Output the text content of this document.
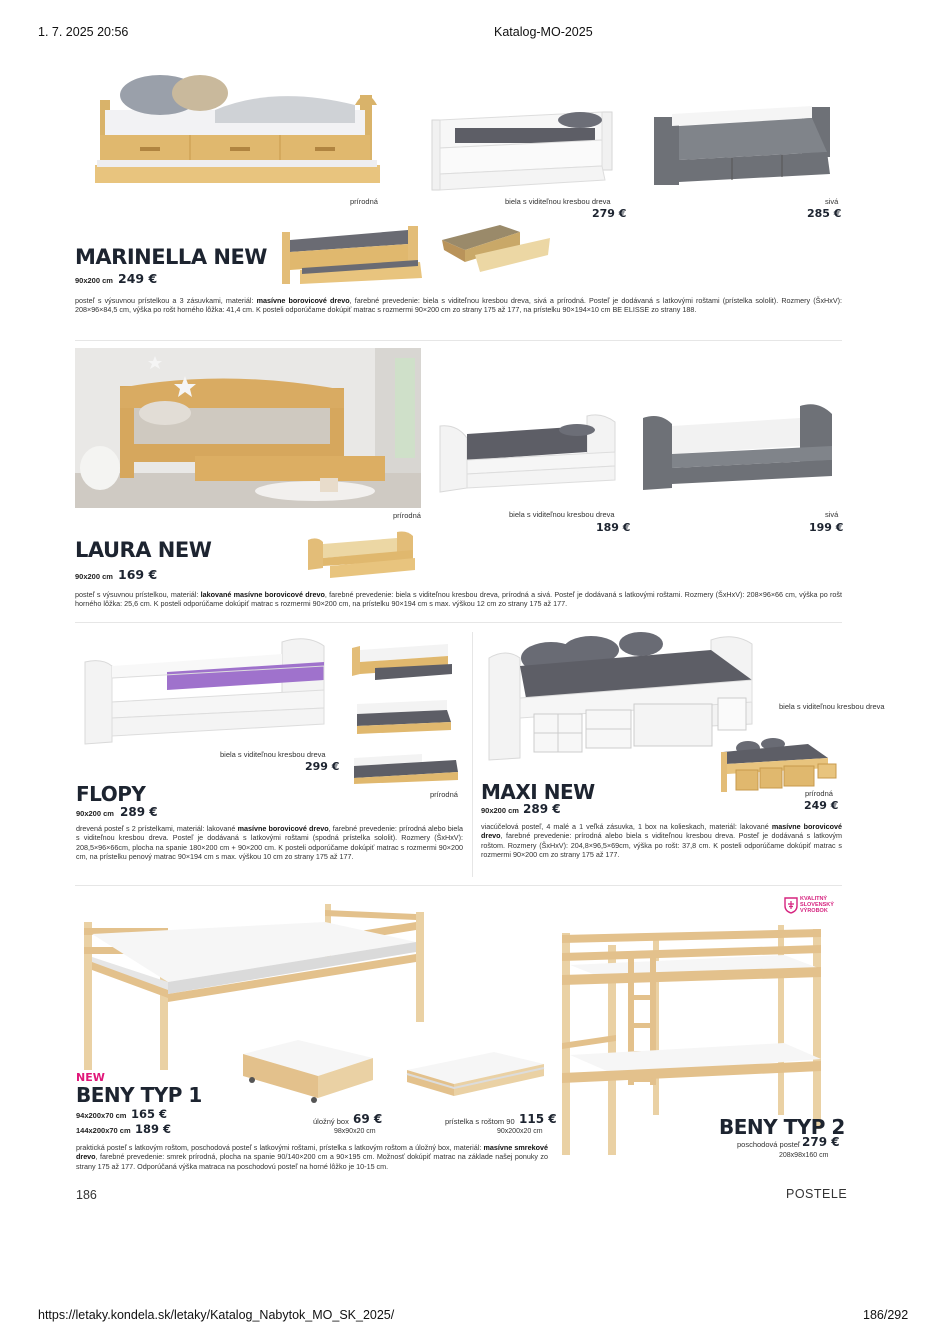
1. 7. 2025 20:56	Katalog-MO-2025
prírodná	biela s viditeľnou kresbou dreva
279 €
sivá
285 €
MARINELLA NEW
90x200 cm 249 €
posteľ s výsuvnou prístelkou a 3 zásuvkami, materiál: masívne borovicové drevo, farebné prevedenie: biela s viditeľnou kresbou dreva, sivá a prírodná. Posteľ je dodávaná s latkovými roštami (prístelka sololit). Rozmery (ŠxHxV): 208×96×84,5 cm, výška po rošt horného lôžka: 41,4 cm. K posteli odporúčame dokúpiť matrac s rozmermi 90×200 cm zo strany 175 až 177, na prístelku 90×194×10 cm BE ELISSE zo strany 188.
prírodná	biela s viditeľnou kresbou dreva
189 €
sivá
199 €
LAURA NEW
90x200 cm 169 €
posteľ s výsuvnou prístelkou, materiál: lakované masívne borovicové drevo, farebné prevedenie: biela s viditeľnou kresbou dreva, prírodná a sivá. Posteľ je dodávaná s latkovými roštami. Rozmery (ŠxHxV): 208×96×66 cm, výška po rošt horného lôžka: 25,6 cm. K posteli odporúčame dokúpiť matrac s rozmermi 90×200 cm, na prístelku 90×194 cm s max. výškou 12 cm zo strany 175 až 177.
biela s viditeľnou kresbou dreva
299 €
prírodná
FLOPY
90x200 cm 289 €
drevená posteľ s 2 prístelkami, materiál: lakované masívne borovicové drevo, farebné prevedenie: prírodná alebo biela s viditeľnou kresbou dreva. Posteľ je dodávaná s latkovými roštami (spodná prístelka sololit). Rozmery (ŠxHxV): 208,5×96×66cm, plocha na spanie 180×200 cm + 90×200 cm. K posteli odporúčame dokúpiť matrac s rozmermi 90×200 cm, na prístelku penový matrac 90×194 cm s max. výškou 10 cm zo strany 175 až 177.
biela s viditeľnou kresbou dreva
prírodná
249 €
MAXI NEW
90x200 cm 289 €
viacúčelová posteľ, 4 malé a 1 veľká zásuvka, 1 box na kolieskach, materiál: lakované masívne borovicové drevo, farebné prevedenie: prírodná alebo biela s viditeľnou kresbou dreva. Posteľ je dodávaná s latkovým roštom. Rozmery (ŠxHxV): 204,8×96,5×69cm, výška po rošt: 37,8 cm. K posteli odporúčame dokúpiť matrac s rozmermi 90×200 cm zo strany 175 až 177.
KVALITNÝ
SLOVENSKÝ
VÝROBOK
NEW
BENY TYP 1
94x200x70 cm 165 €
144x200x70 cm 189 €
úložný box 69 €
98x90x20 cm
prístelka s roštom 90 115 €
90x200x20 cm
praktická posteľ s latkovým roštom, poschodová posteľ s latkovými roštami, prístelka s latkovým roštom a úložný box, materiál: masívne smrekové drevo, farebné prevedenie: smrek prírodná, plocha na spanie 90/140×200 cm a 90×195 cm. Možnosť dokúpiť matrac na základe našej ponuky zo strany 175 až 177. Odporúčaná výška matraca na poschodovú posteľ na horné lôžko je 10-15 cm.
BENY TYP 2
poschodová posteľ 279 €
208x98x160 cm
186	POSTELE
https://letaky.kondela.sk/letaky/Katalog_Nabytok_MO_SK_2025/	186/292
